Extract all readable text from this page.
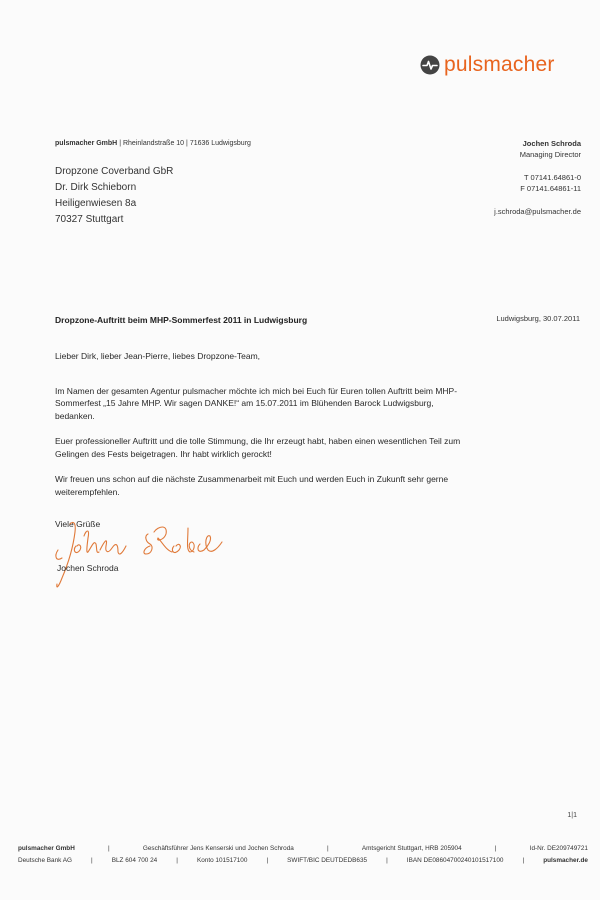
pulsmacher
pulsmacher GmbH | Rheinlandstraße 10 | 71636 Ludwigsburg
Dropzone Coverband GbR
Dr. Dirk Schieborn
Heiligenwiesen 8a
70327 Stuttgart
Jochen Schroda
Managing Director
T 07141.64861-0
F 07141.64861-11
j.schroda@pulsmacher.de
Dropzone-Auftritt beim MHP-Sommerfest 2011 in Ludwigsburg	Ludwigsburg, 30.07.2011

Lieber Dirk, lieber Jean-Pierre, liebes Dropzone-Team,

Im Namen der gesamten Agentur pulsmacher möchte ich mich bei Euch für Euren tollen Auftritt beim MHP-Sommerfest „15 Jahre MHP. Wir sagen DANKE!“ am 15.07.2011 im Blühenden Barock Ludwigsburg, bedanken.

Euer professioneller Auftritt und die tolle Stimmung, die Ihr erzeugt habt, haben einen wesentlichen Teil zum Gelingen des Fests beigetragen. Ihr habt wirklich gerockt!

Wir freuen uns schon auf die nächste Zusammenarbeit mit Euch und werden Euch in Zukunft sehr gerne weiterempfehlen.

Viele Grüße
Jochen Schroda
1|1
pulsmacher GmbH	|	Geschäftsführer Jens Kenserski und Jochen Schroda	|	Amtsgericht Stuttgart, HRB 205904	|	Id-Nr. DE209749721
Deutsche Bank AG	|	BLZ 604 700 24	|	Konto 101517100	|	SWIFT/BIC DEUTDEDB635	|	IBAN DE08604700240101517100	|	pulsmacher.de
